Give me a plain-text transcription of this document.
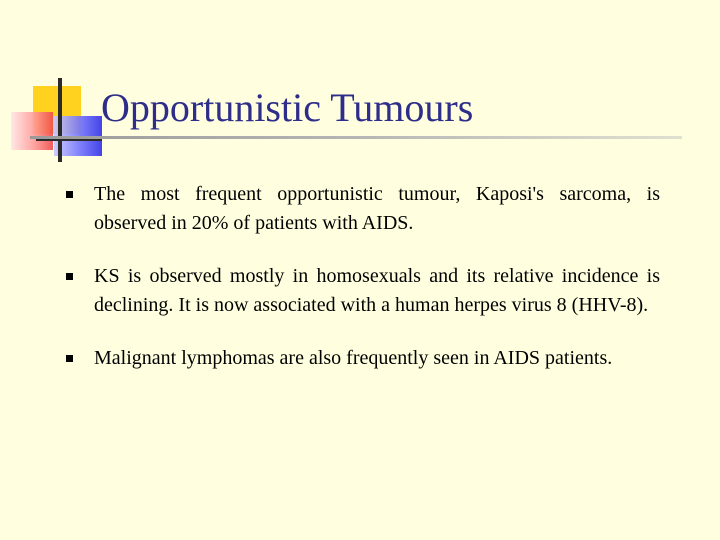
Opportunistic Tumours
The most frequent opportunistic tumour, Kaposi's sarcoma, is observed in 20% of patients with AIDS.
KS is observed mostly in homosexuals and its relative incidence is declining. It is now associated with a human herpes virus 8 (HHV-8).
Malignant lymphomas are also frequently seen in AIDS patients.
